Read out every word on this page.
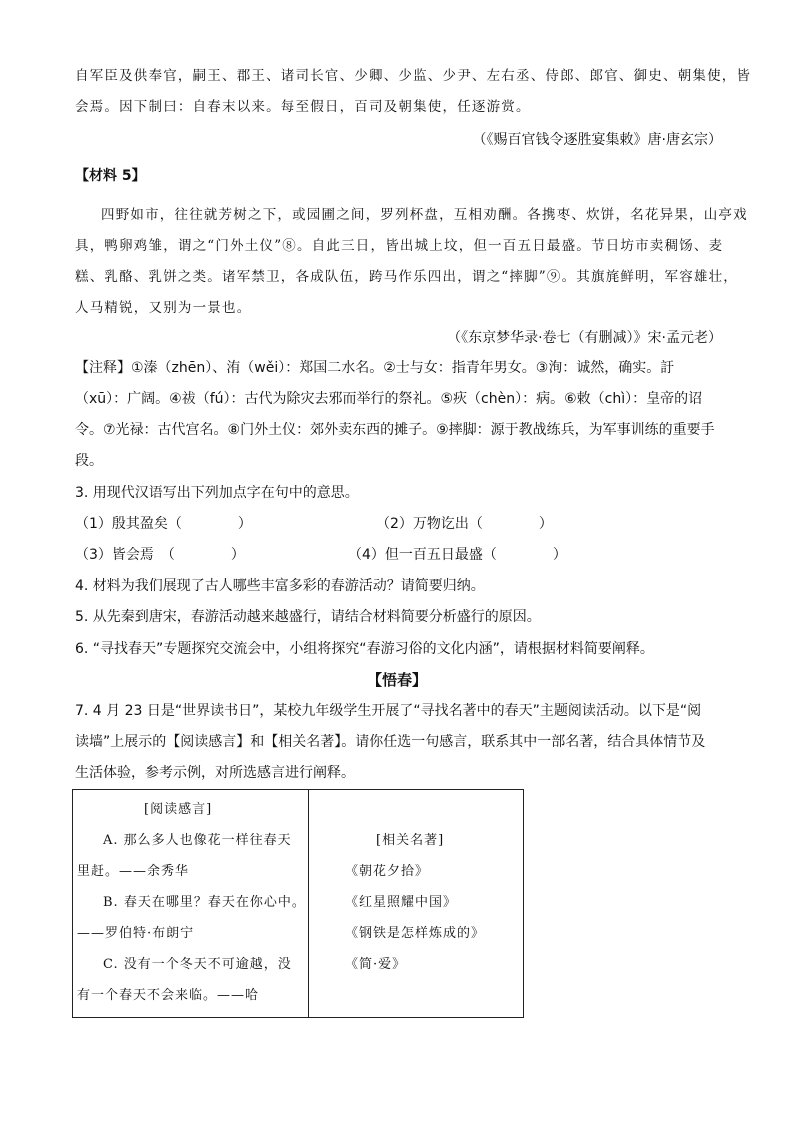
自军臣及供奉官，嗣王、郡王、诸司长官、少卿、少监、少尹、左右丞、侍郎、郎官、御史、朝集使，皆
会焉。因下制曰：自春末以来。每至假日，百司及朝集使，任逐游赏。
（《赐百官钱令逐胜宴集敕》唐·唐玄宗）
【材料 5】
四野如市，往往就芳树之下，或园圃之间，罗列杯盘，互相劝酬。各携枣、炊饼，名花异果，山亭戏
具，鸭卵鸡雏，谓之“门外土仪”⑧。自此三日，皆出城上坟，但一百五日最盛。节日坊市卖稠饧、麦
糕、乳酪、乳饼之类。诸军禁卫，各成队伍，跨马作乐四出，谓之“摔脚”⑨。其旗旄鲜明，军容雄壮，
人马精锐，又别为一景也。
（《东京梦华录·卷七（有删减）》宋·孟元老）
【注释】①溱（zhēn）、洧（wěi）：郑国二水名。②士与女：指青年男女。③洵：诚然，确实。訏
（xū）：广阔。④祓（fú）：古代为除灾去邪而举行的祭礼。⑤疢（chèn）：病。⑥敕（chì）：皇帝的诏
令。⑦光禄：古代宫名。⑧门外土仪：郊外卖东西的摊子。⑨摔脚：源于教战练兵，为军事训练的重要手
段。
3. 用现代汉语写出下列加点字在句中的意思。
（1）殷其盈矣（　　　　）	（2）万物讫出（　　　　）
（3）皆会焉　（　　　　）	（4）但一百五日最盛（　　　　）
4. 材料为我们展现了古人哪些丰富多彩的春游活动？请简要归纳。
5. 从先秦到唐宋，春游活动越来越盛行，请结合材料简要分析盛行的原因。
6. “寻找春天”专题探究交流会中，小组将探究“春游习俗的文化内涵”，请根据材料简要阐释。
【悟春】
7. 4 月 23 日是“世界读书日”，某校九年级学生开展了“寻找名著中的春天”主题阅读活动。以下是“阅
读墙”上展示的【阅读感言】和【相关名著】。请你任选一句感言，联系其中一部名著，结合具体情节及
生活体验，参考示例，对所选感言进行阐释。
[阅读感言]
A. 那么多人也像花一样往春天
里赶。——余秀华
B. 春天在哪里？春天在你心中。
——罗伯特·布朗宁
C. 没有一个冬天不可逾越，没
有一个春天不会来临。——哈

[相关名著]
《朝花夕拾》
《红星照耀中国》
《钢铁是怎样炼成的》
《简·爱》
